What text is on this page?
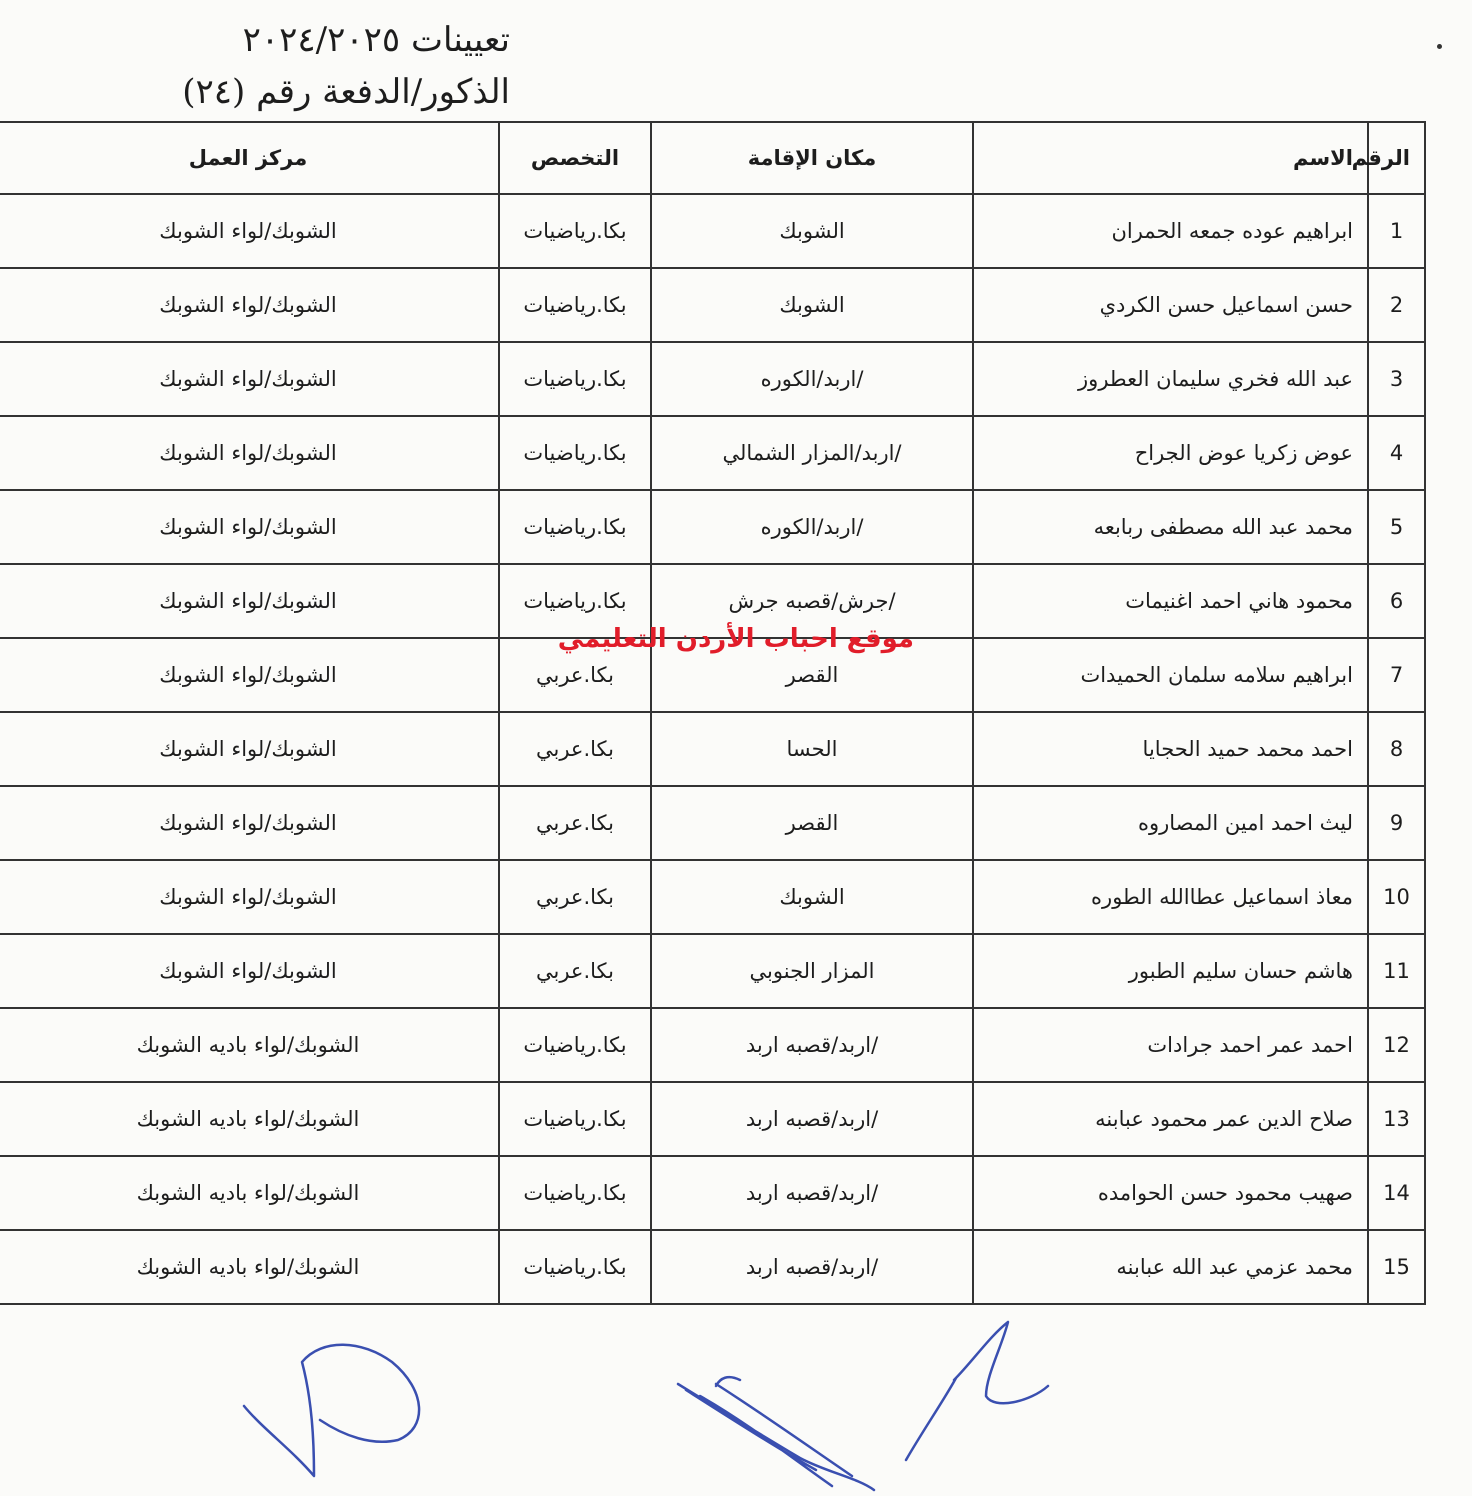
تعيينات ٢٠٢٤/٢٠٢٥
الذكور/الدفعة رقم (٢٤)
الرقم	الاسم	مكان الإقامة	التخصص	مركز العمل
1	ابراهيم عوده جمعه الحمران	الشوبك	بكا.رياضيات	الشوبك/لواء الشوبك
2	حسن اسماعيل حسن الكردي	الشوبك	بكا.رياضيات	الشوبك/لواء الشوبك
3	عبد الله فخري سليمان العطروز	/اربد/الكوره	بكا.رياضيات	الشوبك/لواء الشوبك
4	عوض زكريا عوض الجراح	/اربد/المزار الشمالي	بكا.رياضيات	الشوبك/لواء الشوبك
5	محمد عبد الله مصطفى ربابعه	/اربد/الكوره	بكا.رياضيات	الشوبك/لواء الشوبك
6	محمود هاني احمد اغنيمات	/جرش/قصبه جرش	بكا.رياضيات	الشوبك/لواء الشوبك
7	ابراهيم سلامه سلمان الحميدات	القصر	بكا.عربي	الشوبك/لواء الشوبك
8	احمد محمد حميد الحجايا	الحسا	بكا.عربي	الشوبك/لواء الشوبك
9	ليث احمد امين المصاروه	القصر	بكا.عربي	الشوبك/لواء الشوبك
10	معاذ اسماعيل عطاالله الطوره	الشوبك	بكا.عربي	الشوبك/لواء الشوبك
11	هاشم حسان سليم الطبور	المزار الجنوبي	بكا.عربي	الشوبك/لواء الشوبك
12	احمد عمر احمد جرادات	/اربد/قصبه اربد	بكا.رياضيات	الشوبك/لواء باديه الشوبك
13	صلاح الدين عمر محمود عبابنه	/اربد/قصبه اربد	بكا.رياضيات	الشوبك/لواء باديه الشوبك
14	صهيب محمود حسن الحوامده	/اربد/قصبه اربد	بكا.رياضيات	الشوبك/لواء باديه الشوبك
15	محمد عزمي عبد الله عبابنه	/اربد/قصبه اربد	بكا.رياضيات	الشوبك/لواء باديه الشوبك
موقع احباب الأردن التعليمي
